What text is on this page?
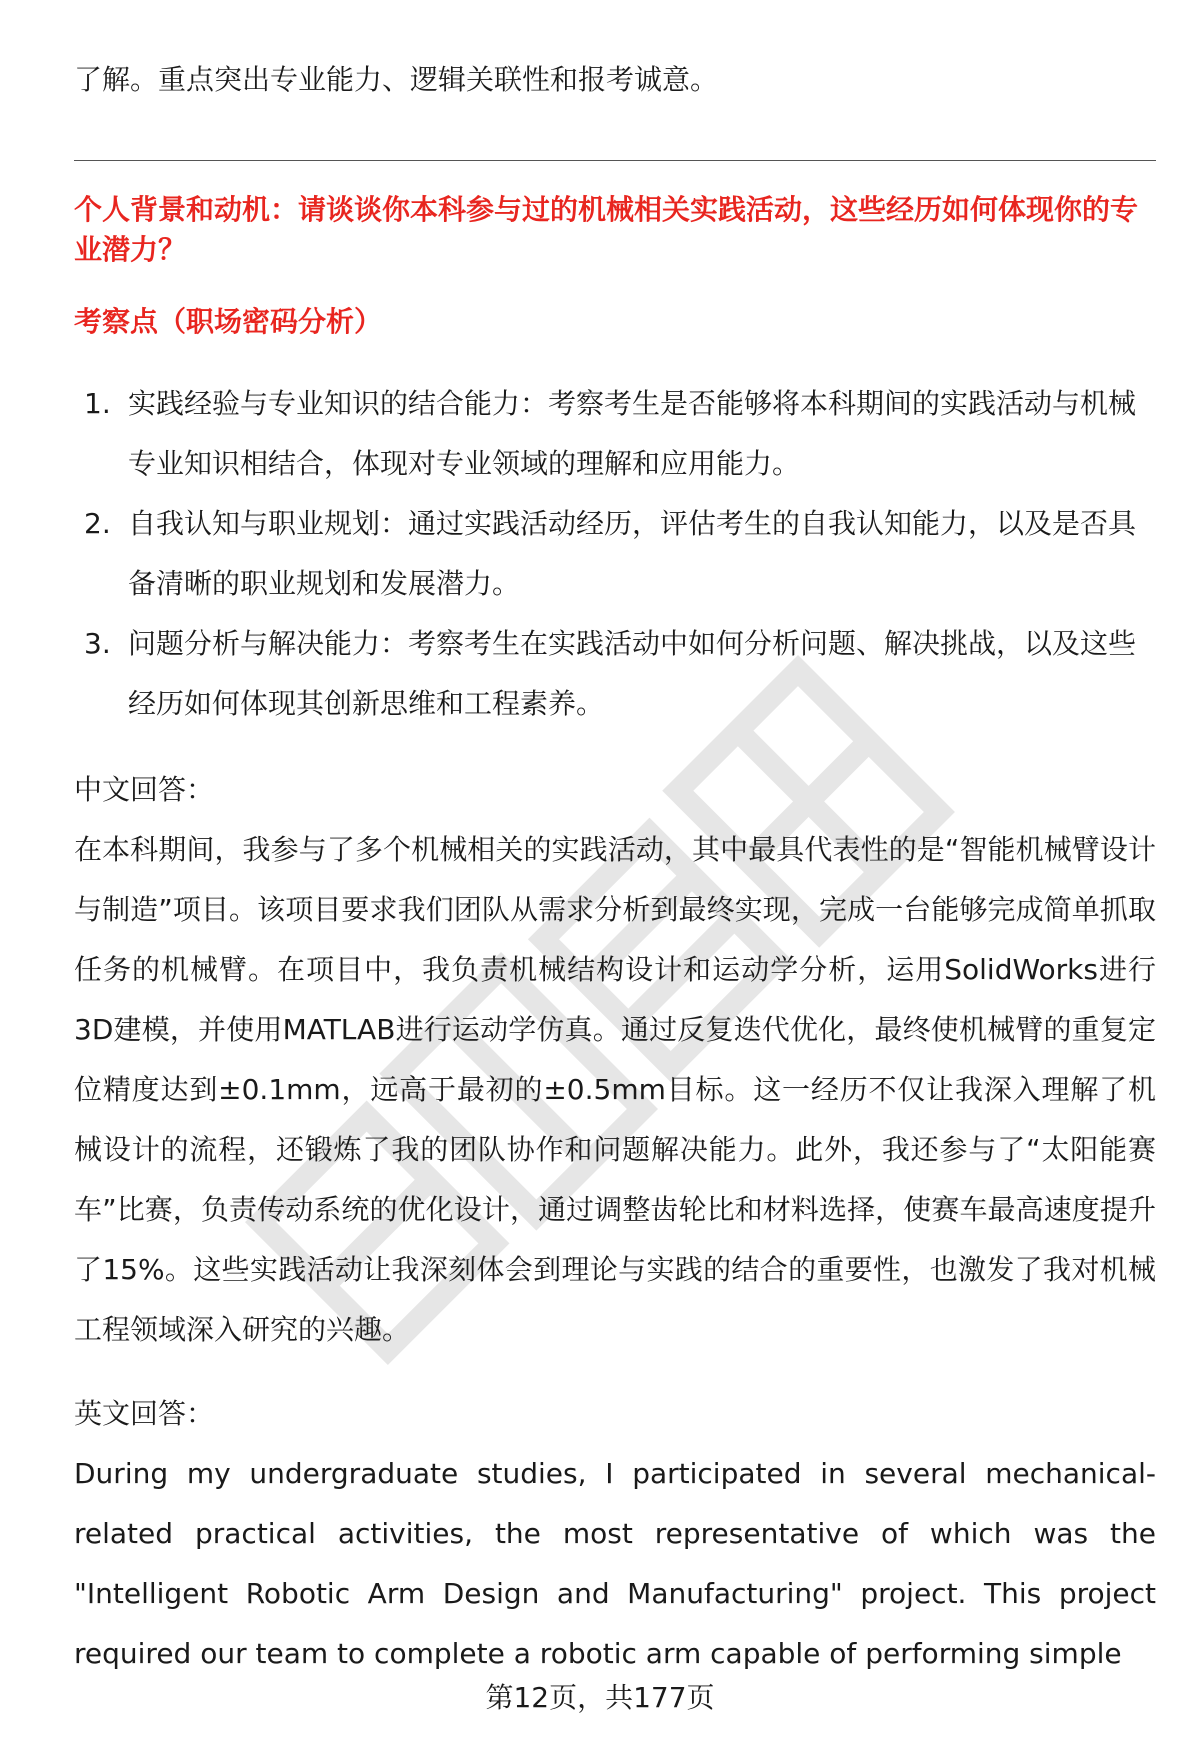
了解。重点突出专业能力、逻辑关联性和报考诚意。
个人背景和动机：请谈谈你本科参与过的机械相关实践活动，这些经历如何体现你的专业潜力？
考察点（职场密码分析）
1. 实践经验与专业知识的结合能力：考察考生是否能够将本科期间的实践活动与机械专业知识相结合，体现对专业领域的理解和应用能力。
2. 自我认知与职业规划：通过实践活动经历，评估考生的自我认知能力，以及是否具备清晰的职业规划和发展潜力。
3. 问题分析与解决能力：考察考生在实践活动中如何分析问题、解决挑战，以及这些经历如何体现其创新思维和工程素养。
中文回答：

在本科期间，我参与了多个机械相关的实践活动，其中最具代表性的是“智能机械臂设计与制造”项目。该项目要求我们团队从需求分析到最终实现，完成一台能够完成简单抓取任务的机械臂。在项目中，我负责机械结构设计和运动学分析，运用SolidWorks进行3D建模，并使用MATLAB进行运动学仿真。通过反复迭代优化，最终使机械臂的重复定位精度达到±0.1mm，远高于最初的±0.5mm目标。这一经历不仅让我深入理解了机械设计的流程，还锻炼了我的团队协作和问题解决能力。此外，我还参与了“太阳能赛车”比赛，负责传动系统的优化设计，通过调整齿轮比和材料选择，使赛车最高速度提升了15%。这些实践活动让我深刻体会到理论与实践的结合的重要性，也激发了我对机械工程领域深入研究的兴趣。

英文回答：

During my undergraduate studies, I participated in several mechanical-related practical activities, the most representative of which was the "Intelligent Robotic Arm Design and Manufacturing" project. This project required our team to complete a robotic arm capable of performing simple

第12页，共177页
